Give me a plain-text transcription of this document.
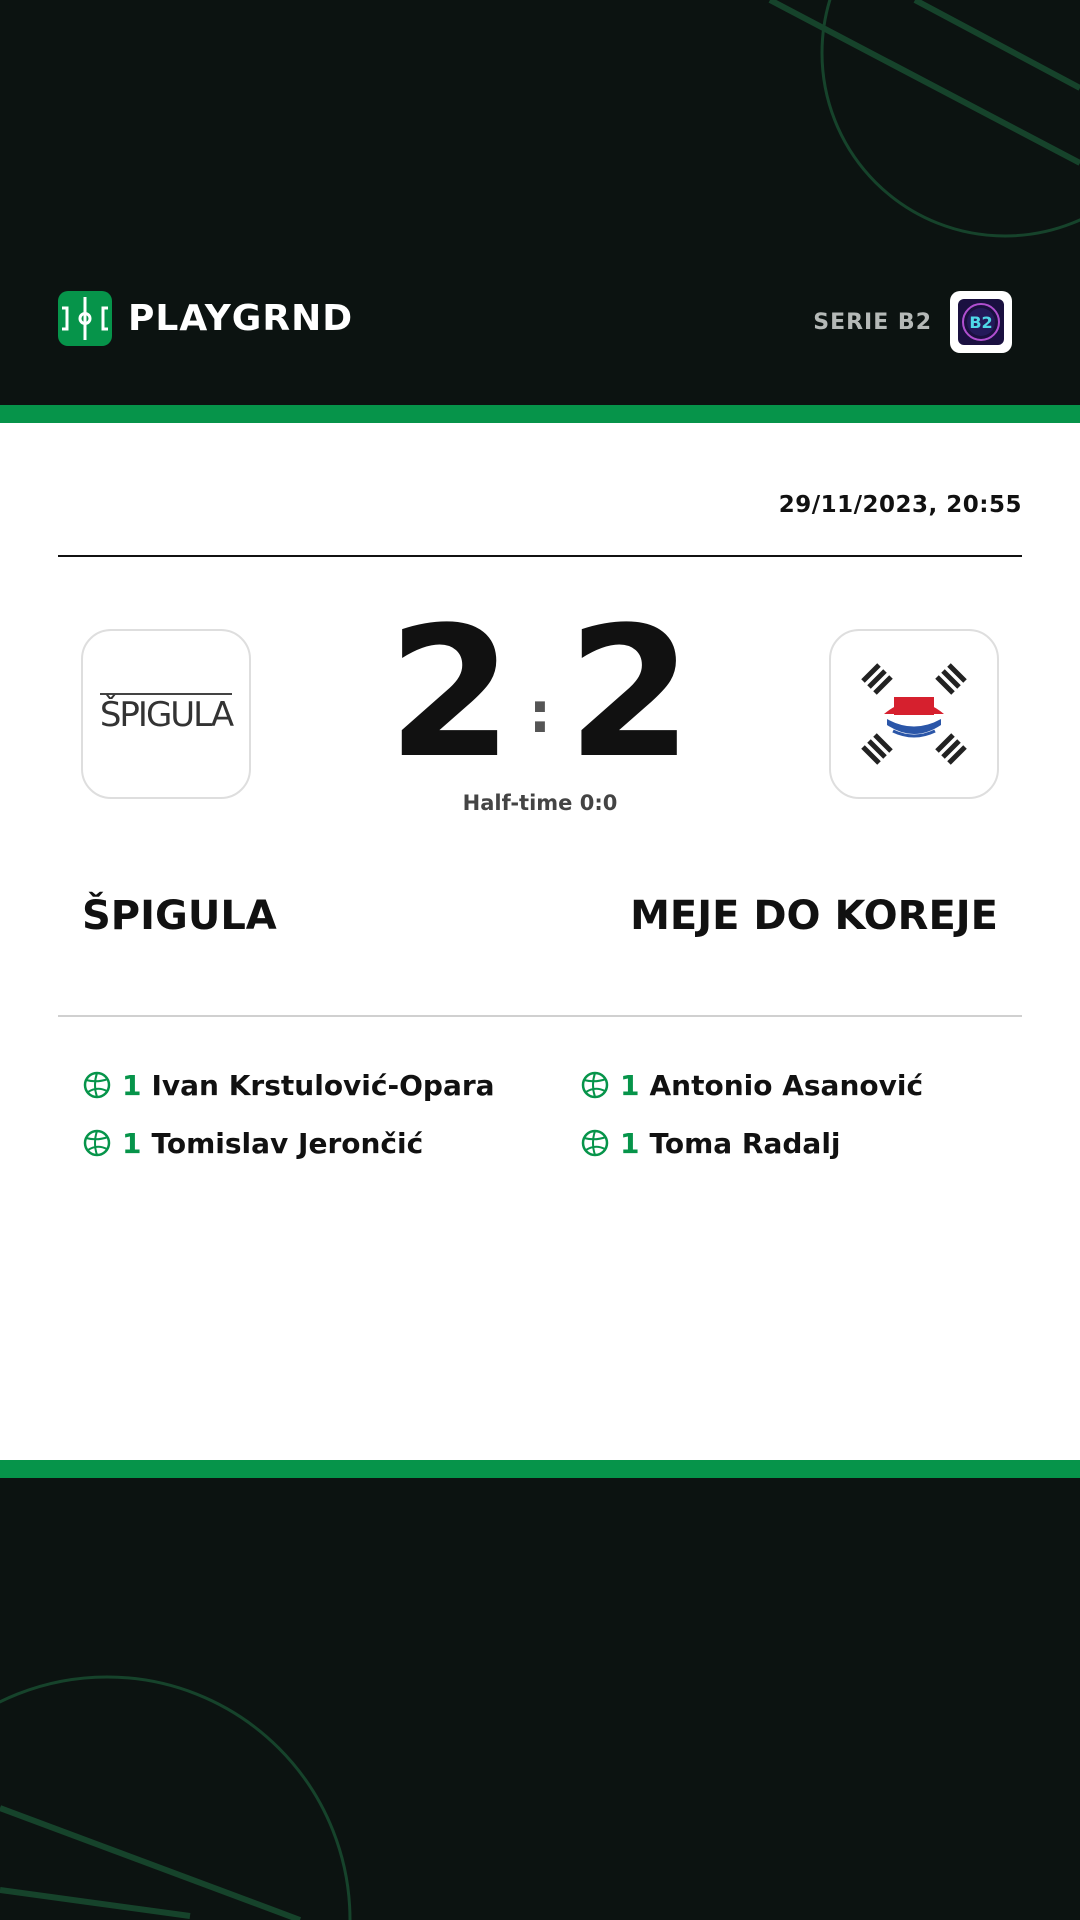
PLAYGRND	SERIE B2 B2
29/11/2023, 20:55
ŠPIGULA 2 : 2
Half-time 0:0
ŠPIGULA	MEJE DO KOREJE
1 Ivan Krstulović-Opara
1 Tomislav Jerončić
1 Antonio Asanović
1 Toma Radalj
